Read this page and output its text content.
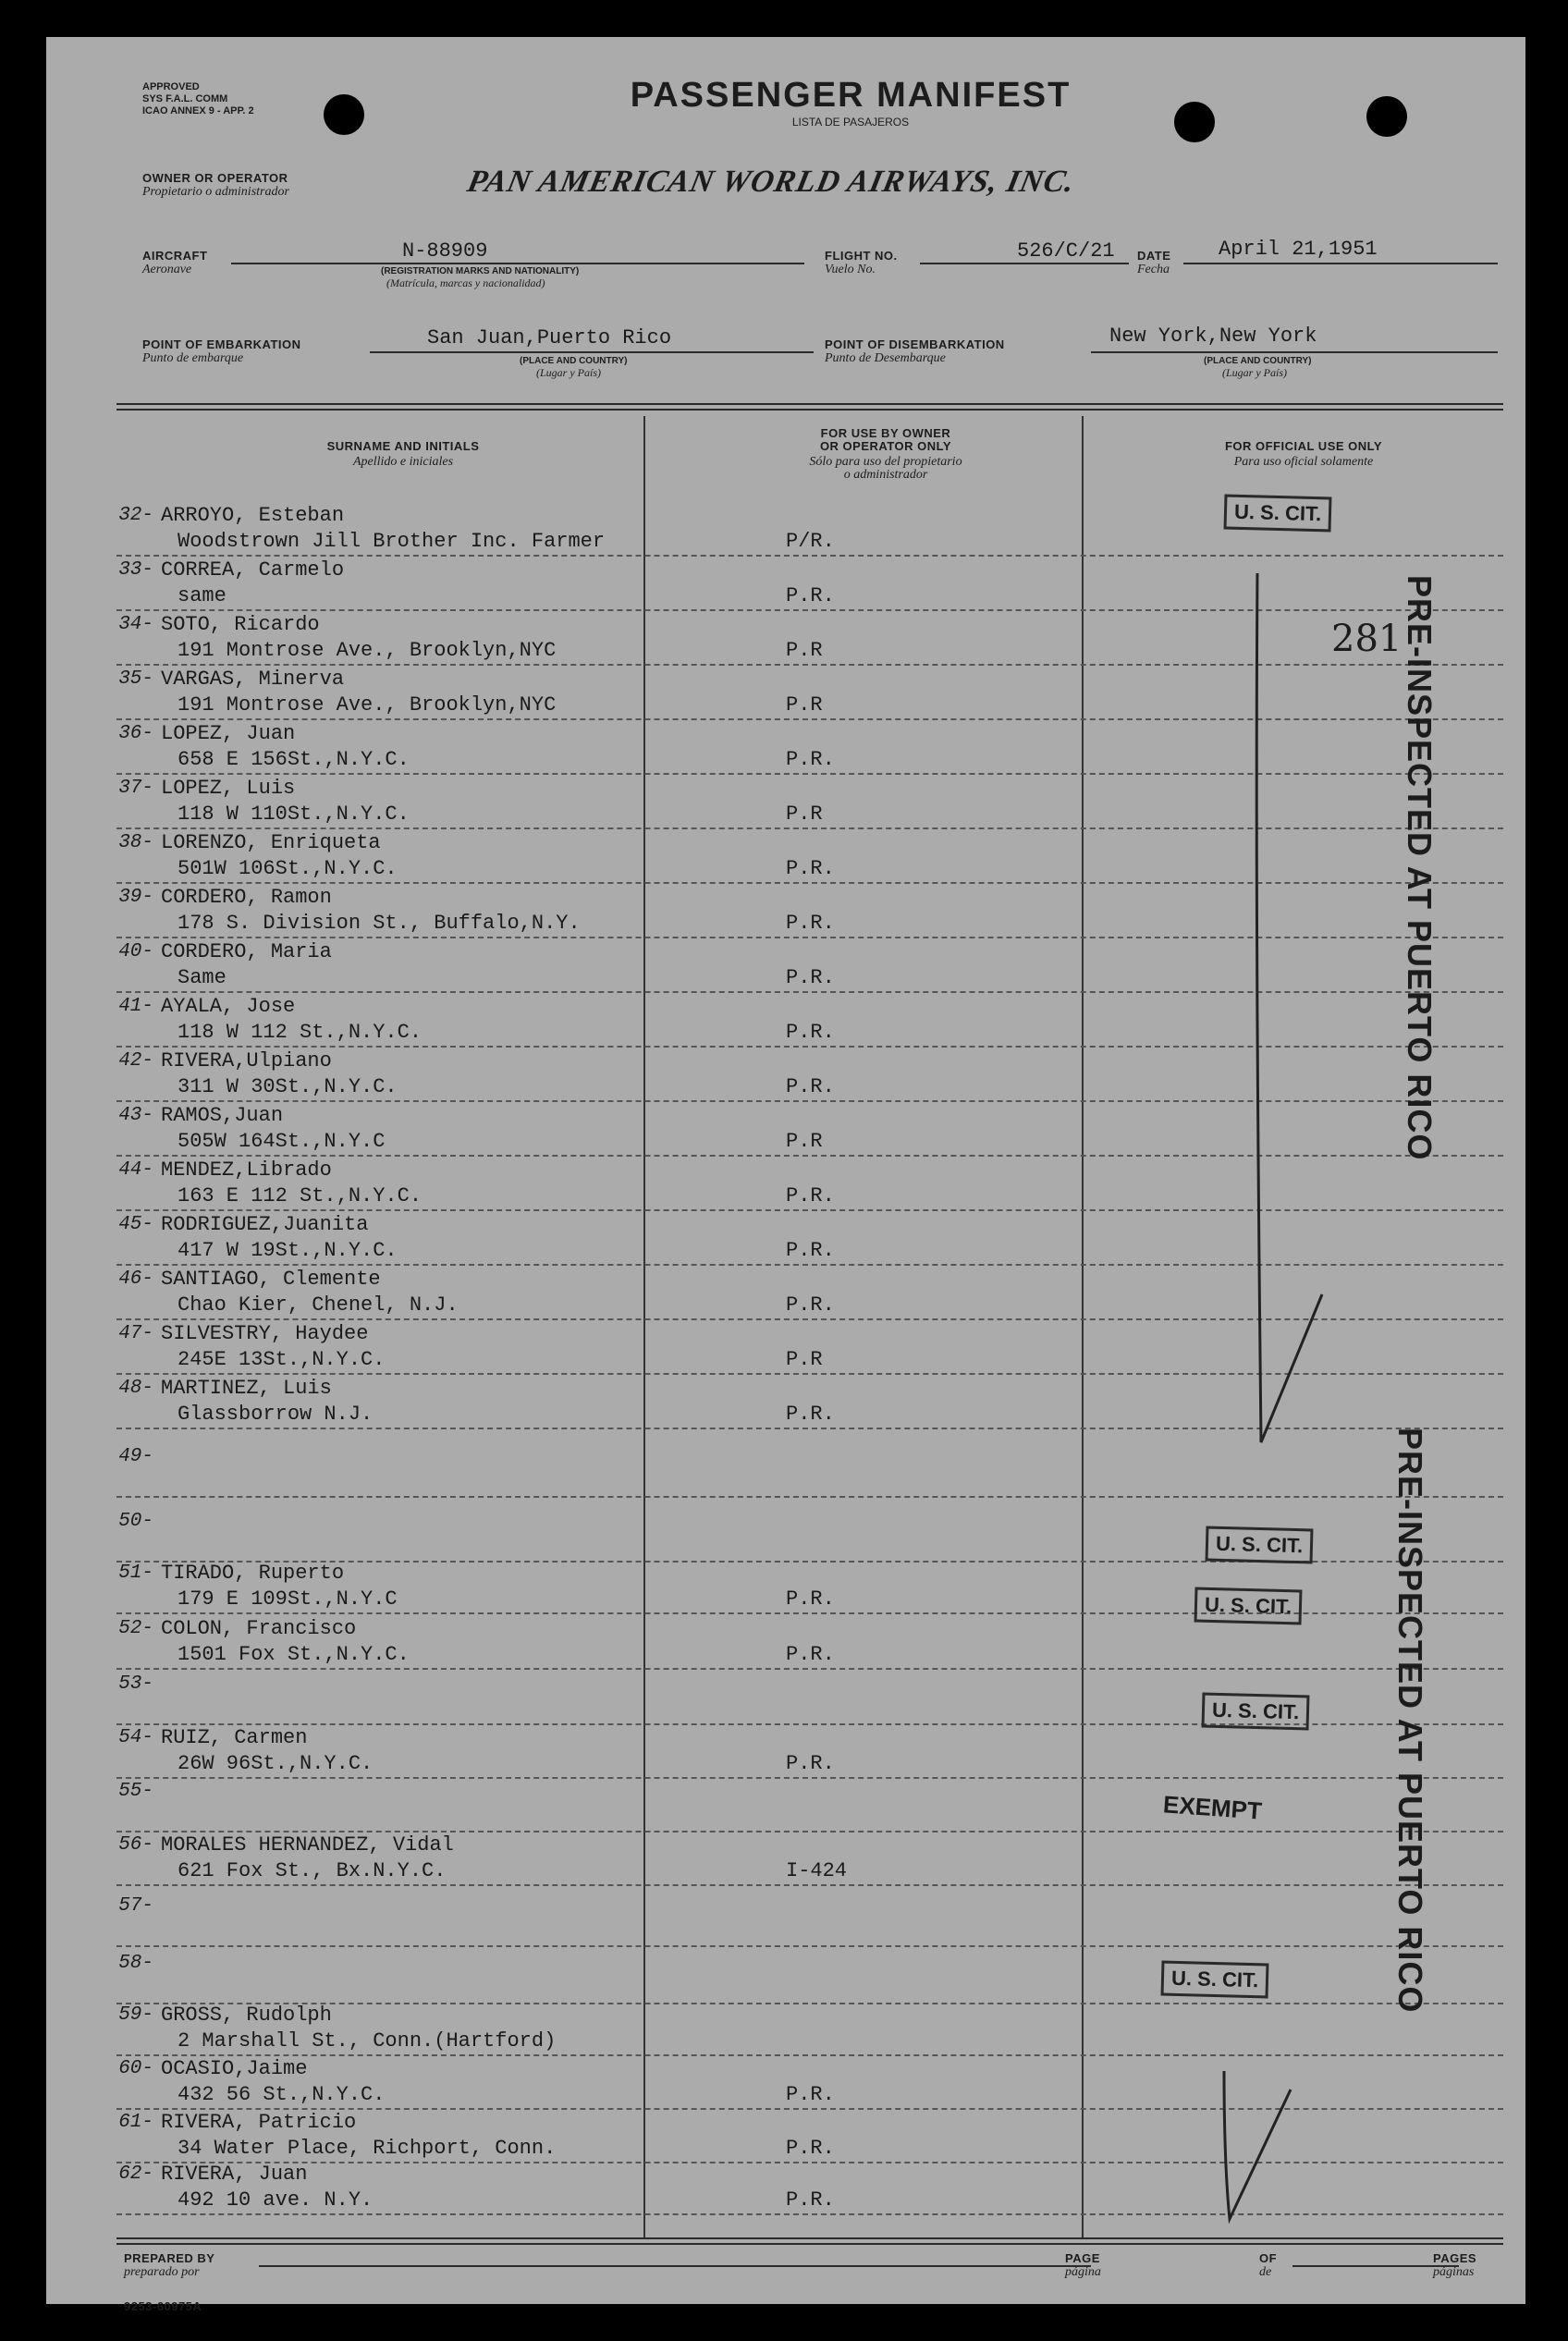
APPROVED
SYS F.A.L. COMM
ICAO ANNEX 9 - APP. 2	PASSENGER MANIFEST
LISTA DE PASAJEROS
OWNER OR OPERATOR
Propietario o administrador	PAN AMERICAN WORLD AIRWAYS, INC.
AIRCRAFT
Aeronave
N-88909
(REGISTRATION MARKS AND NATIONALITY)
(Matrícula, marcas y nacionalidad)
FLIGHT NO.
Vuelo No.
526/C/21 DATE
Fecha
April 21,1951
POINT OF EMBARKATION
Punto de embarque
San Juan,Puerto Rico
(PLACE AND COUNTRY)
(Lugar y País)
POINT OF DISEMBARKATION
Punto de Desembarque
New York,New York
(PLACE AND COUNTRY)
(Lugar y País)
SURNAME AND INITIALS
Apellido e iniciales
FOR USE BY OWNER
OR OPERATOR ONLY
Sólo para uso del propietario
o administrador
FOR OFFICIAL USE ONLY
Para uso oficial solamente
32- ARROYO, Esteban
Woodstrown Jill Brother Inc. Farmer	P/R.
33- CORREA, Carmelo
same	P.R.
34- SOTO, Ricardo
191 Montrose Ave., Brooklyn,NYC	P.R
35- VARGAS, Minerva
191 Montrose Ave., Brooklyn,NYC	P.R
36- LOPEZ, Juan
658 E 156St.,N.Y.C.	P.R.
37- LOPEZ, Luis
118 W 110St.,N.Y.C.	P.R
38- LORENZO, Enriqueta
501W 106St.,N.Y.C.	P.R.
39- CORDERO, Ramon
178 S. Division St., Buffalo,N.Y.	P.R.
40- CORDERO, Maria
Same	P.R.
41- AYALA, Jose
118 W 112 St.,N.Y.C.	P.R.
42- RIVERA,Ulpiano
311 W 30St.,N.Y.C.	P.R.
43- RAMOS,Juan
505W 164St.,N.Y.C	P.R
44- MENDEZ,Librado
163 E 112 St.,N.Y.C.	P.R.
45- RODRIGUEZ,Juanita
417 W 19St.,N.Y.C.	P.R.
46- SANTIAGO, Clemente
Chao Kier, Chenel, N.J.	P.R.
47- SILVESTRY, Haydee
245E 13St.,N.Y.C.	P.R
48- MARTINEZ, Luis
Glassborrow N.J.	P.R.
49-
50-
51- TIRADO, Ruperto
179 E 109St.,N.Y.C	P.R.
52- COLON, Francisco
1501 Fox St.,N.Y.C.	P.R.
53-
54- RUIZ, Carmen
26W 96St.,N.Y.C.	P.R.
55-
56- MORALES HERNANDEZ, Vidal
621 Fox St., Bx.N.Y.C.	I-424
57-
58-
59- GROSS, Rudolph
2 Marshall St., Conn.(Hartford)
60- OCASIO,Jaime
432 56 St.,N.Y.C.	P.R.
61- RIVERA, Patricio
34 Water Place, Richport, Conn.	P.R.
62- RIVERA, Juan
492 10 ave. N.Y.	P.R.
U. S. CIT.
U. S. CIT.
U. S. CIT.
U. S. CIT.
U. S. CIT.
281
EXEMPT
PRE-INSPECTED AT PUERTO RICO
PRE-INSPECTED AT PUERTO RICO
PREPARED BY
preparado por
PAGE
página
OF
de
PAGES
páginas
9253-60975A
